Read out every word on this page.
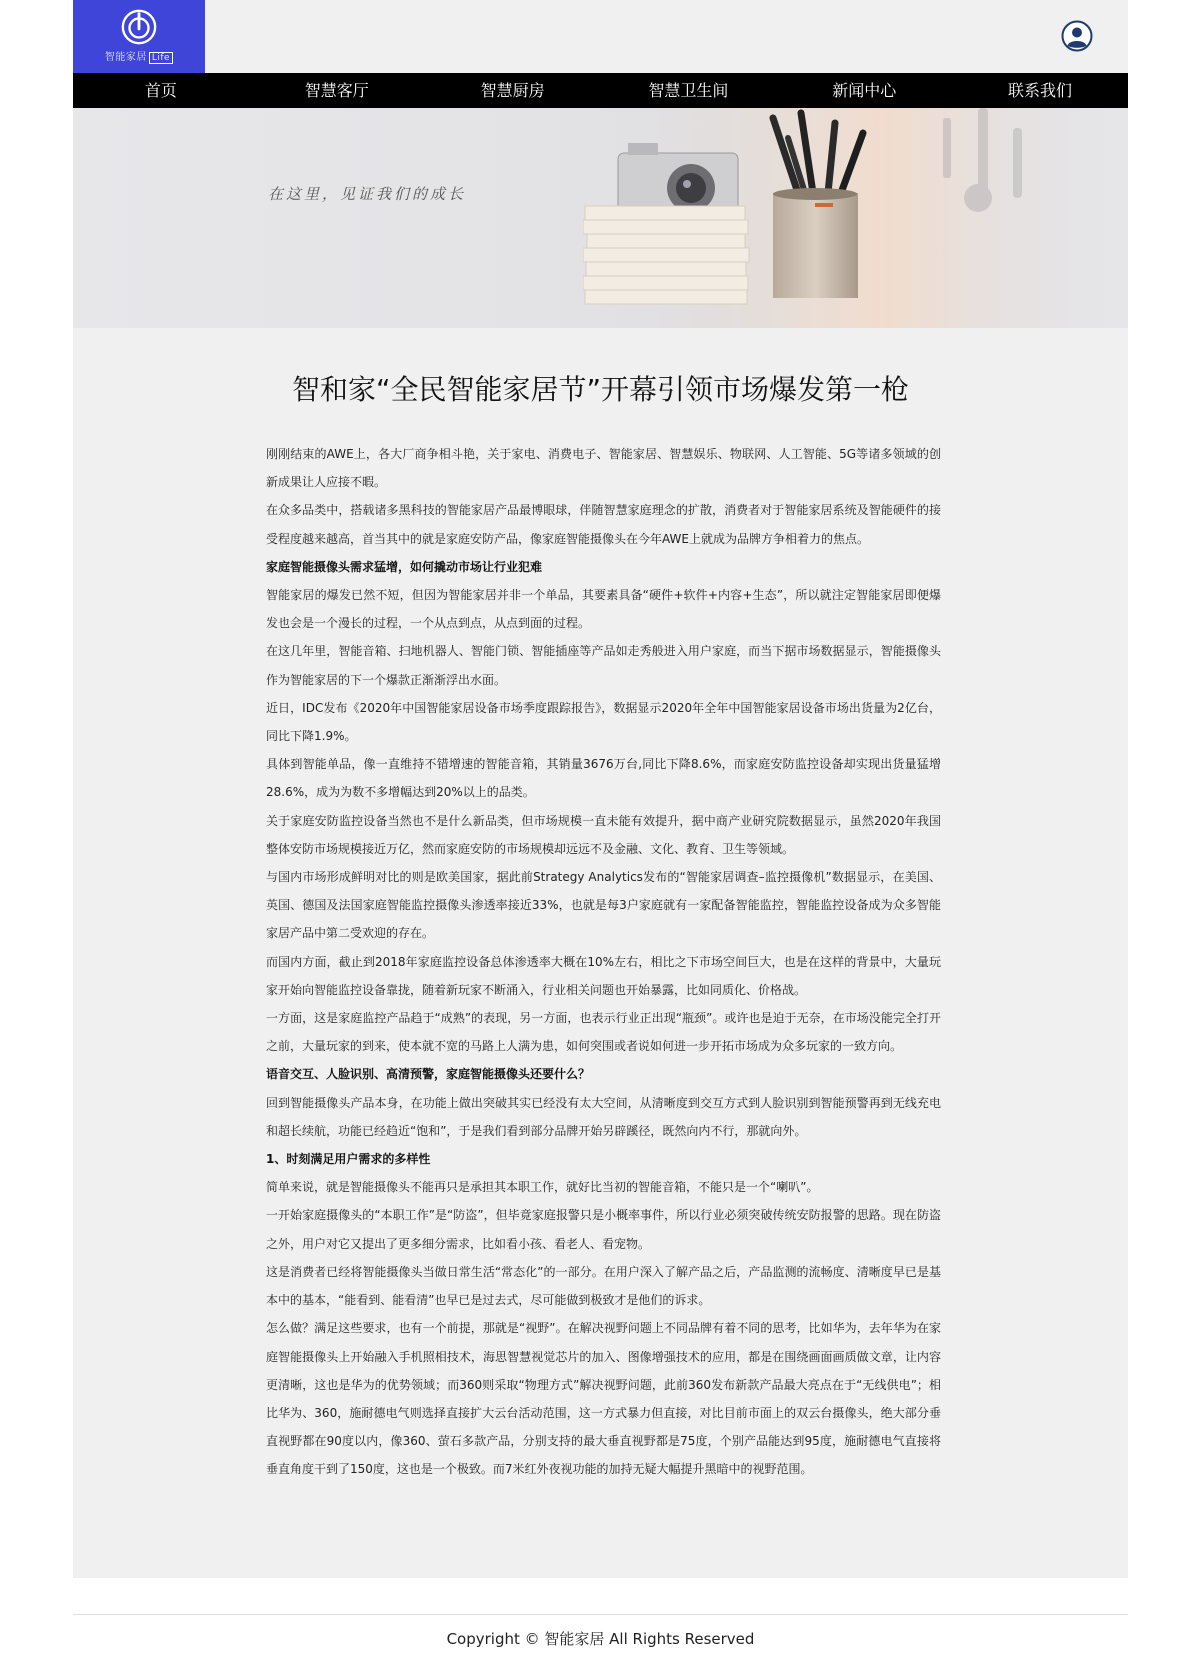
智能家居 Life
首页	智慧客厅	智慧厨房	智慧卫生间	新闻中心	联系我们
在这里，见证我们的成长
智和家“全民智能家居节”开幕引领市场爆发第一枪

刚刚结束的AWE上，各大厂商争相斗艳，关于家电、消费电子、智能家居、智慧娱乐、物联网、人工智能、5G等诸多领域的创新成果让人应接不暇。

在众多品类中，搭载诸多黑科技的智能家居产品最博眼球，伴随智慧家庭理念的扩散，消费者对于智能家居系统及智能硬件的接受程度越来越高，首当其中的就是家庭安防产品，像家庭智能摄像头在今年AWE上就成为品牌方争相着力的焦点。

家庭智能摄像头需求猛增，如何撬动市场让行业犯难

智能家居的爆发已然不短，但因为智能家居并非一个单品，其要素具备“硬件+软件+内容+生态”，所以就注定智能家居即便爆发也会是一个漫长的过程，一个从点到点，从点到面的过程。

在这几年里，智能音箱、扫地机器人、智能门锁、智能插座等产品如走秀般进入用户家庭，而当下据市场数据显示，智能摄像头作为智能家居的下一个爆款正渐渐浮出水面。

近日，IDC发布《2020年中国智能家居设备市场季度跟踪报告》，数据显示2020年全年中国智能家居设备市场出货量为2亿台，同比下降1.9%。

具体到智能单品，像一直维持不错增速的智能音箱，其销量3676万台,同比下降8.6%，而家庭安防监控设备却实现出货量猛增28.6%，成为为数不多增幅达到20%以上的品类。

关于家庭安防监控设备当然也不是什么新品类，但市场规模一直未能有效提升，据中商产业研究院数据显示，虽然2020年我国整体安防市场规模接近万亿，然而家庭安防的市场规模却远远不及金融、文化、教育、卫生等领域。

与国内市场形成鲜明对比的则是欧美国家，据此前Strategy Analytics发布的“智能家居调查–监控摄像机”数据显示，在美国、英国、德国及法国家庭智能监控摄像头渗透率接近33%，也就是每3户家庭就有一家配备智能监控，智能监控设备成为众多智能家居产品中第二受欢迎的存在。

而国内方面，截止到2018年家庭监控设备总体渗透率大概在10%左右，相比之下市场空间巨大，也是在这样的背景中，大量玩家开始向智能监控设备靠拢，随着新玩家不断涌入，行业相关问题也开始暴露，比如同质化、价格战。

一方面，这是家庭监控产品趋于“成熟”的表现，另一方面，也表示行业正出现“瓶颈”。或许也是迫于无奈，在市场没能完全打开之前，大量玩家的到来，使本就不宽的马路上人满为患，如何突围或者说如何进一步开拓市场成为众多玩家的一致方向。

语音交互、人脸识别、高清预警，家庭智能摄像头还要什么？

回到智能摄像头产品本身，在功能上做出突破其实已经没有太大空间，从清晰度到交互方式到人脸识别到智能预警再到无线充电和超长续航，功能已经趋近“饱和”，于是我们看到部分品牌开始另辟蹊径，既然向内不行，那就向外。

1、时刻满足用户需求的多样性

简单来说，就是智能摄像头不能再只是承担其本职工作，就好比当初的智能音箱，不能只是一个“喇叭”。

一开始家庭摄像头的“本职工作”是“防盗”，但毕竟家庭报警只是小概率事件，所以行业必须突破传统安防报警的思路。现在防盗之外，用户对它又提出了更多细分需求，比如看小孩、看老人、看宠物。

这是消费者已经将智能摄像头当做日常生活“常态化”的一部分。在用户深入了解产品之后，产品监测的流畅度、清晰度早已是基本中的基本，“能看到、能看清”也早已是过去式，尽可能做到极致才是他们的诉求。

怎么做？满足这些要求，也有一个前提，那就是“视野”。在解决视野问题上不同品牌有着不同的思考，比如华为，去年华为在家庭智能摄像头上开始融入手机照相技术，海思智慧视觉芯片的加入、图像增强技术的应用，都是在围绕画面画质做文章，让内容更清晰，这也是华为的优势领域；而360则采取“物理方式”解决视野问题，此前360发布新款产品最大亮点在于“无线供电”；相比华为、360，施耐德电气则选择直接扩大云台活动范围，这一方式暴力但直接，对比目前市面上的双云台摄像头，绝大部分垂直视野都在90度以内，像360、萤石多款产品，分别支持的最大垂直视野都是75度，个别产品能达到95度，施耐德电气直接将垂直角度干到了150度，这也是一个极致。而7米红外夜视功能的加持无疑大幅提升黑暗中的视野范围。

Copyright © 智能家居 All Rights Reserved
